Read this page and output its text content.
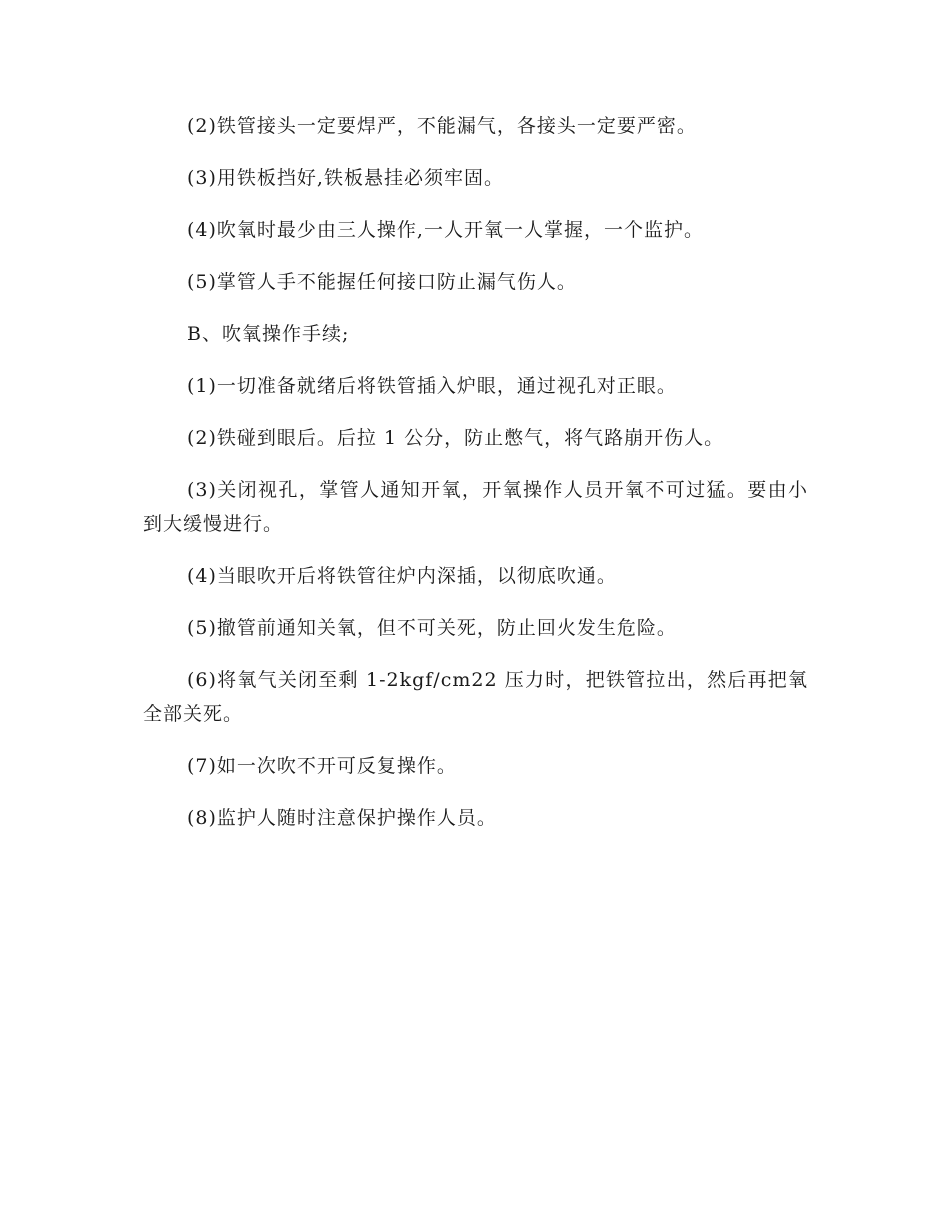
(2)铁管接头一定要焊严，不能漏气，各接头一定要严密。

(3)用铁板挡好,铁板悬挂必须牢固。

(4)吹氧时最少由三人操作,一人开氧一人掌握，一个监护。

(5)掌管人手不能握任何接口防止漏气伤人。

B、吹氧操作手续;

(1)一切准备就绪后将铁管插入炉眼，通过视孔对正眼。

(2)铁碰到眼后。后拉 1 公分，防止憋气，将气路崩开伤人。

(3)关闭视孔，掌管人通知开氧，开氧操作人员开氧不可过猛。要由小到大缓慢进行。

(4)当眼吹开后将铁管往炉内深插，以彻底吹通。

(5)撤管前通知关氧，但不可关死，防止回火发生危险。

(6)将氧气关闭至剩 1-2kgf/cm22 压力时，把铁管拉出，然后再把氧全部关死。

(7)如一次吹不开可反复操作。

(8)监护人随时注意保护操作人员。
